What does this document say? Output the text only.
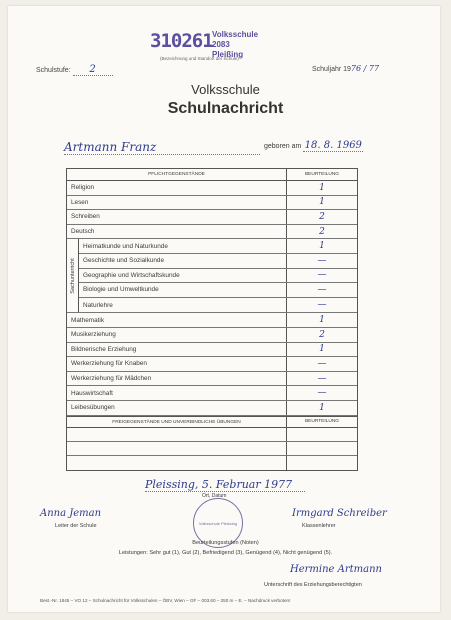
310261 Volksschule
2083 Pleißing
(Bezeichnung und Standort der Schule)
Schulstufe: 2	Schuljahr 1976 / 77
Volksschule
Schulnachricht
Artmann Franz	geboren am 18. 8. 1969
PFLICHTGEGENSTÄNDE	BEURTEILUNG
Religion	1
Lesen	1
Schreiben	2
Deutsch	2
Sachunterricht
Heimatkunde und Naturkunde	1
Geschichte und Sozialkunde	—
Geographie und Wirtschaftskunde	—
Biologie und Umweltkunde	—
Naturlehre	—
Mathematik	1
Musikerziehung	2
Bildnerische Erziehung	1
Werkerziehung für Knaben	—
Werkerziehung für Mädchen	—
Hauswirtschaft	—
Leibesübungen	1
FREIGEGENSTÄNDE UND UNVERBINDLICHE ÜBUNGEN	BEURTEILUNG
Pleissing, 5. Februar 1977
Ort, Datum
Anna Jeman
Leiter der Schule	Volksschule Pleissing
Irmgard Schreiber
Klassenlehrer
Beurteilungsstufen (Noten)
Leistungen: Sehr gut (1), Gut (2), Befriedigend (3), Genügend (4), Nicht genügend (5).
Hermine Artmann
Unterschrift des Erziehungsberechtigten
Best.-Nr. 1845 – VO 12 – Schulnachricht für Volksschulen – ÖBV, Wien – GF – 003.60 – 250 m – E. – Nachdruck verboten!
